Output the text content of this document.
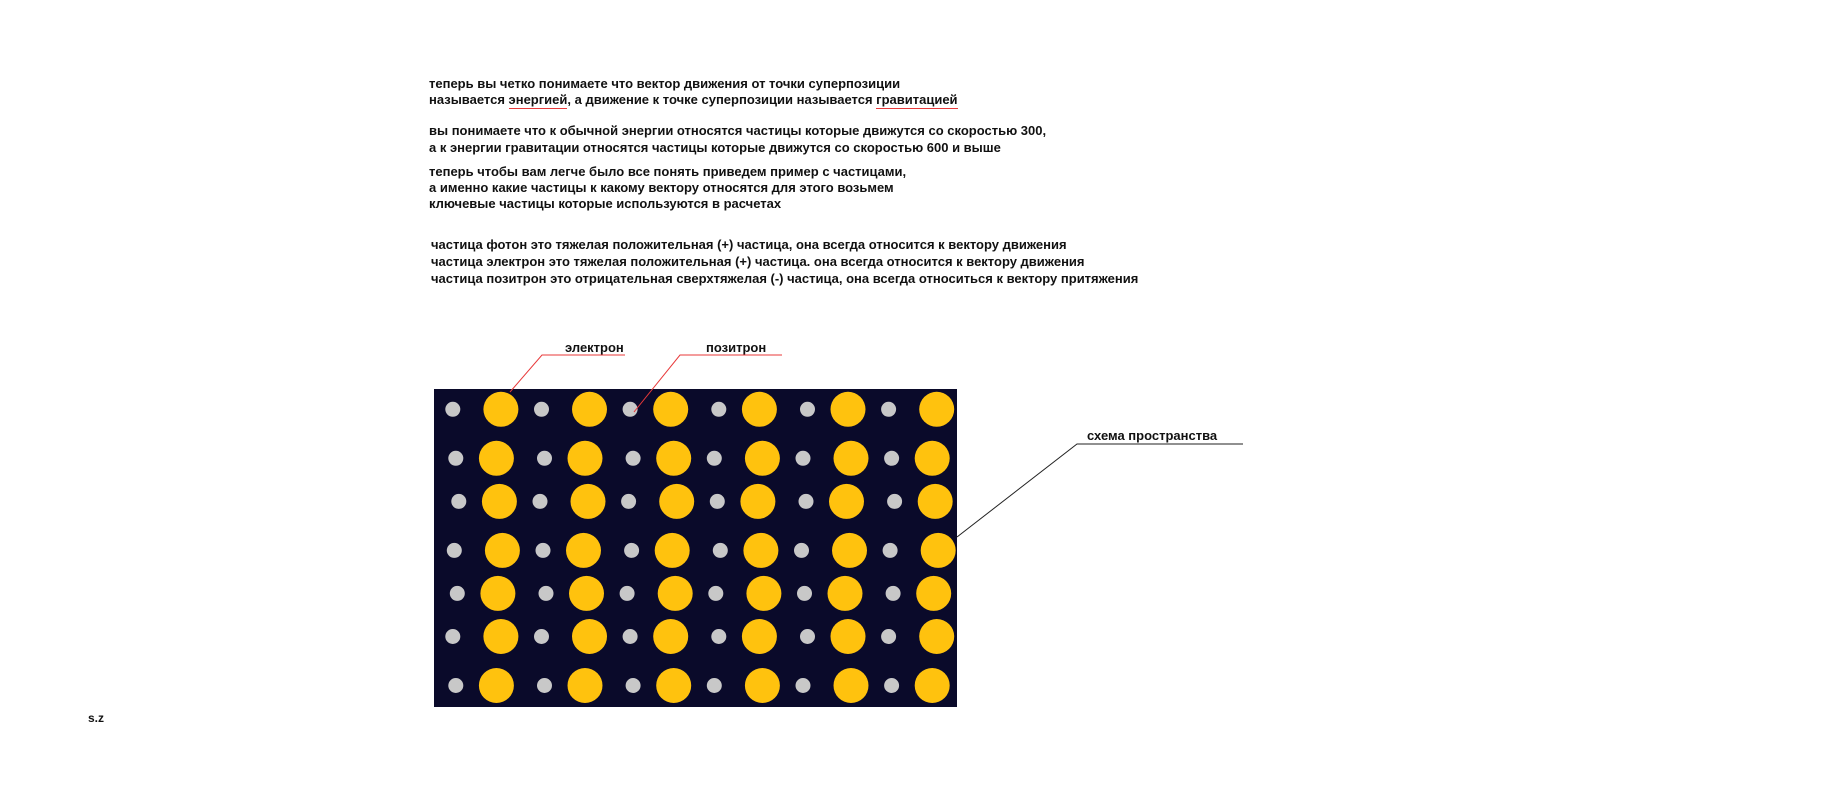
теперь вы четко понимаете что вектор движения от точки суперпозиции
называется энергией, а движение к точке суперпозиции называется гравитацией
вы понимаете что к обычной энергии относятся частицы которые движутся со скоростью 300,
а к энергии гравитации относятся частицы которые движутся со скоростью 600 и выше
теперь чтобы вам легче было все понять приведем пример с частицами,
а именно какие частицы к какому вектору относятся для этого возьмем
ключевые частицы которые используются в расчетах
частица фотон это тяжелая положительная (+) частица, она всегда относится к вектору движения
частица электрон это тяжелая положительная (+) частица. она всегда относится к вектору движения
частица позитрон это отрицательная сверхтяжелая (-) частица, она всегда относиться к вектору притяжения
электрон	позитрон
схема пространства
s.z
